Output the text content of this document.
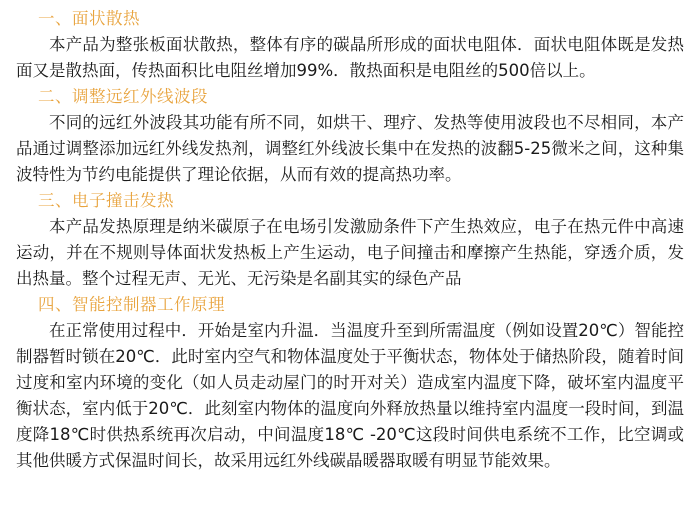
一、面状散热

本产品为整张板面状散热，整体有序的碳晶所形成的面状电阻体．面状电阻体既是发热面又是散热面，传热面积比电阻丝增加99%．散热面积是电阻丝的500倍以上。

二、调整远红外线波段

不同的远红外波段其功能有所不同，如烘干、理疗、发热等使用波段也不尽相同，本产品通过调整添加远红外线发热剂，调整红外线波长集中在发热的波翻5-25微米之间，这种集波特性为节约电能提供了理论依据，从而有效的提高热功率。

三、电子撞击发热

本产品发热原理是纳米碳原子在电场引发激励条件下产生热效应，电子在热元件中高速运动，并在不规则导体面状发热板上产生运动，电子间撞击和摩擦产生热能，穿透介质，发出热量。整个过程无声、无光、无污染是名副其实的绿色产品

四、智能控制器工作原理

在正常使用过程中．开始是室内升温．当温度升至到所需温度（例如设置20℃）智能控制器暂时锁在20℃．此时室内空气和物体温度处于平衡状态，物体处于储热阶段，随着时间过度和室内环境的变化（如人员走动屋门的时开对关）造成室内温度下降，破坏室内温度平衡状态，室内低于20℃．此刻室内物体的温度向外释放热量以维持室内温度一段时间，到温度降18℃时供热系统再次启动，中间温度18℃ -20℃这段时间供电系统不工作，比空调或其他供暖方式保温时间长，故采用远红外线碳晶暖器取暖有明显节能效果。
